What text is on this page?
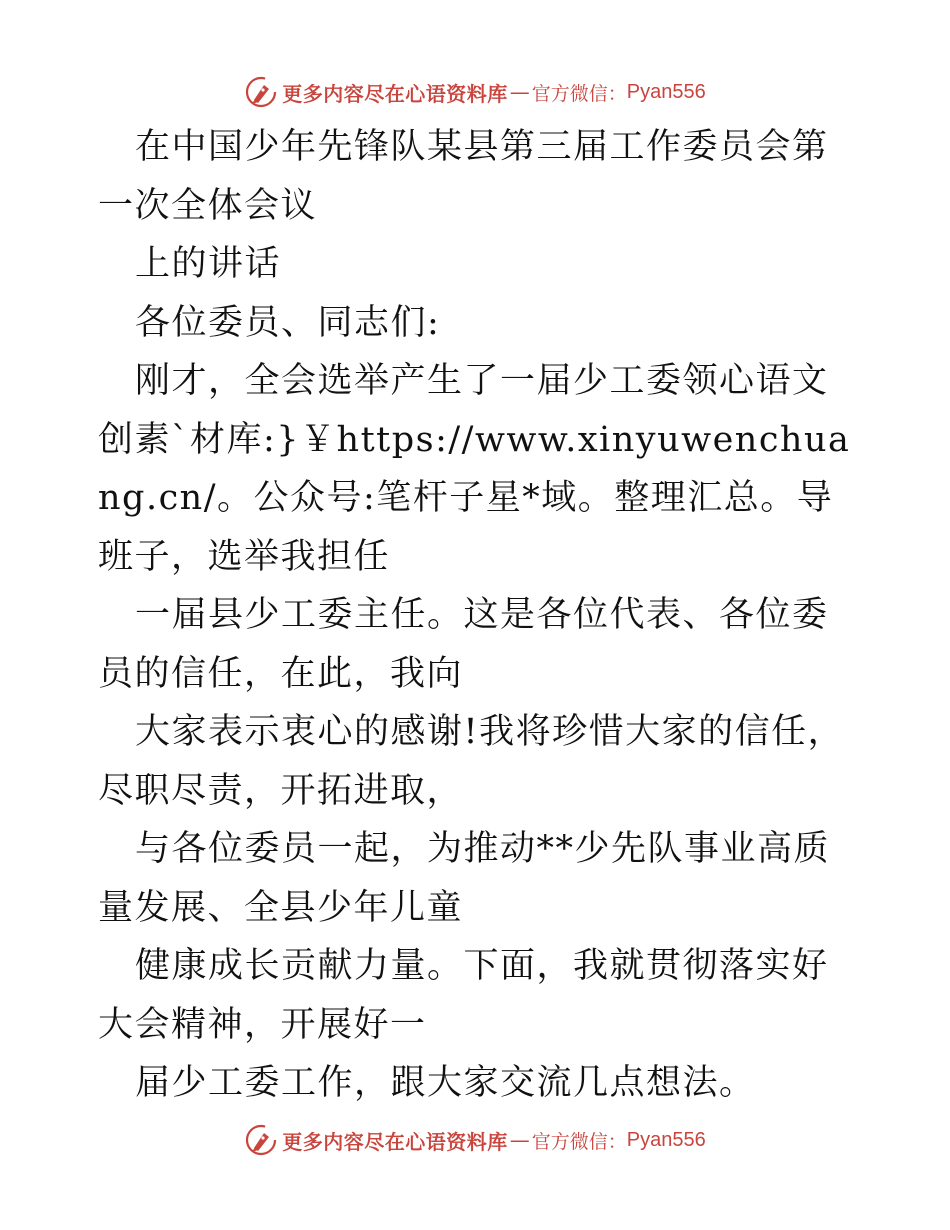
更多内容尽在心语资料库 — 官方微信： Pyan556

在中国少年先锋队某县第三届工作委员会第一次全体会议

上的讲话

各位委员、同志们:

刚才，全会选举产生了一届少工委领心语文创素`材库:}￥https://www.xinyuwenchuang.cn/。公众号:笔杆子星*域。整理汇总。导班子，选举我担任

一届县少工委主任。这是各位代表、各位委员的信任，在此，我向

大家表示衷心的感谢!我将珍惜大家的信任，尽职尽责，开拓进取，

与各位委员一起，为推动**少先队事业高质量发展、全县少年儿童

健康成长贡献力量。下面，我就贯彻落实好大会精神，开展好一

届少工委工作，跟大家交流几点想法。

更多内容尽在心语资料库 — 官方微信： Pyan556
